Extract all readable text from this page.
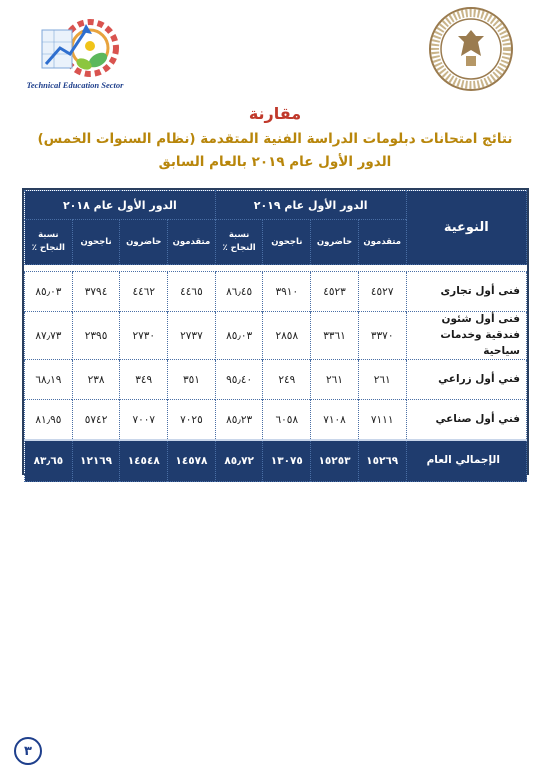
Technical Education Sector
مقارنة
نتائج امتحانات دبلومات الدراسة الفنية المتقدمة (نظام السنوات الخمس)
الدور الأول عام ٢٠١٩ بالعام السابق
النوعية	الدور الأول عام ٢٠١٩				الدور الأول عام ٢٠١٨			
	متقدمون	حاضرون	ناجحون	نسبة النجاح ٪	متقدمون	حاضرون	ناجحون	نسبة النجاح ٪

فنى أول تجارى	٤٥٢٧	٤٥٢٣	٣٩١٠	٨٦٫٤٥	٤٤٦٥	٤٤٦٢	٣٧٩٤	٨٥٫٠٣
فنى أول شئون فندقية وخدمات سياحية	٣٣٧٠	٣٣٦١	٢٨٥٨	٨٥٫٠٣	٢٧٣٧	٢٧٣٠	٢٣٩٥	٨٧٫٧٣
فني أول زراعي	٢٦١	٢٦١	٢٤٩	٩٥٫٤٠	٣٥١	٣٤٩	٢٣٨	٦٨٫١٩
فني أول صناعي	٧١١١	٧١٠٨	٦٠٥٨	٨٥٫٢٣	٧٠٢٥	٧٠٠٧	٥٧٤٢	٨١٫٩٥
الإجمالي العام	١٥٢٦٩	١٥٢٥٣	١٣٠٧٥	٨٥٫٧٢	١٤٥٧٨	١٤٥٤٨	١٢١٦٩	٨٣٫٦٥
٣
